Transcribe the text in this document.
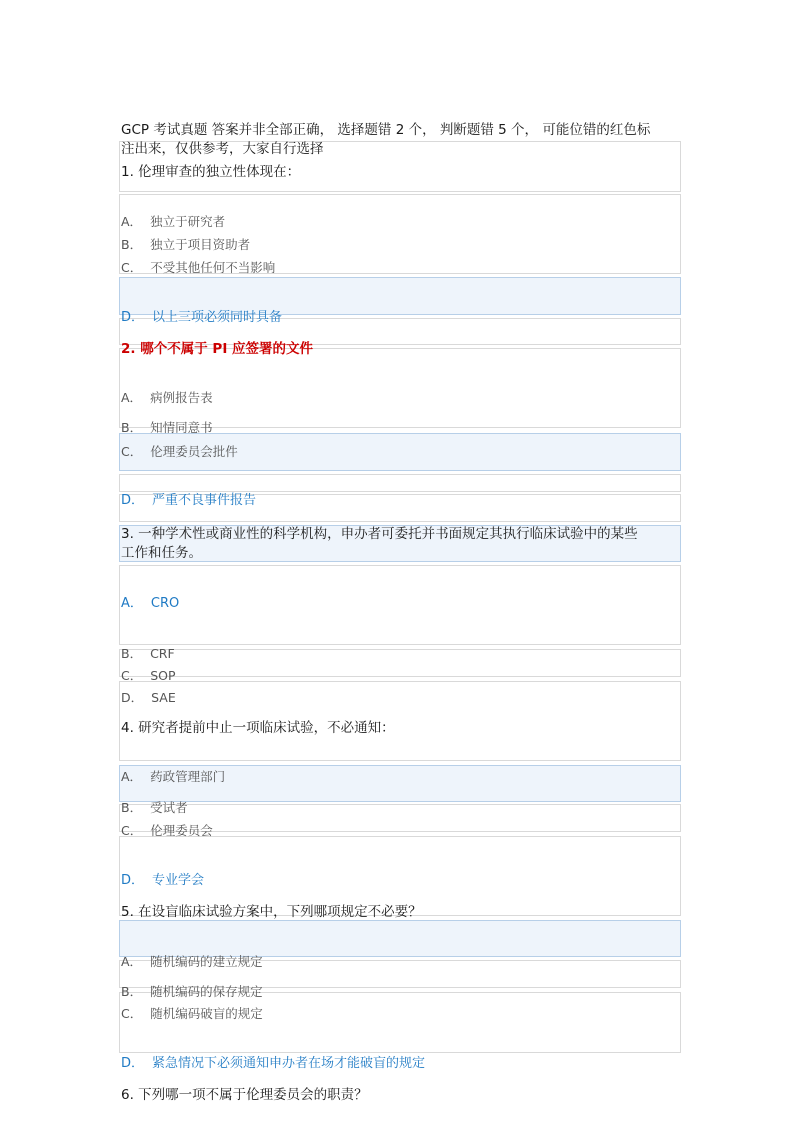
GCP 考试真题 答案并非全部正确， 选择题错 2 个， 判断题错 5 个， 可能位错的红色标
注出来，仅供参考，大家自行选择
1. 伦理审查的独立性体现在：
A． 独立于研究者
B． 独立于项目资助者
C． 不受其他任何不当影响
D． 以上三项必须同时具备
2. 哪个不属于 PI 应签署的文件
A． 病例报告表
B． 知情同意书
C． 伦理委员会批件
D． 严重不良事件报告
3. 一种学术性或商业性的科学机构，申办者可委托并书面规定其执行临床试验中的某些
工作和任务。
A． CRO
B． CRF
C． SOP
D． SAE
4. 研究者提前中止一项临床试验，不必通知：
A． 药政管理部门
B． 受试者
C． 伦理委员会
D． 专业学会
5. 在设盲临床试验方案中，下列哪项规定不必要？
A． 随机编码的建立规定
B． 随机编码的保存规定
C． 随机编码破盲的规定
D． 紧急情况下必须通知申办者在场才能破盲的规定
6. 下列哪一项不属于伦理委员会的职责？
